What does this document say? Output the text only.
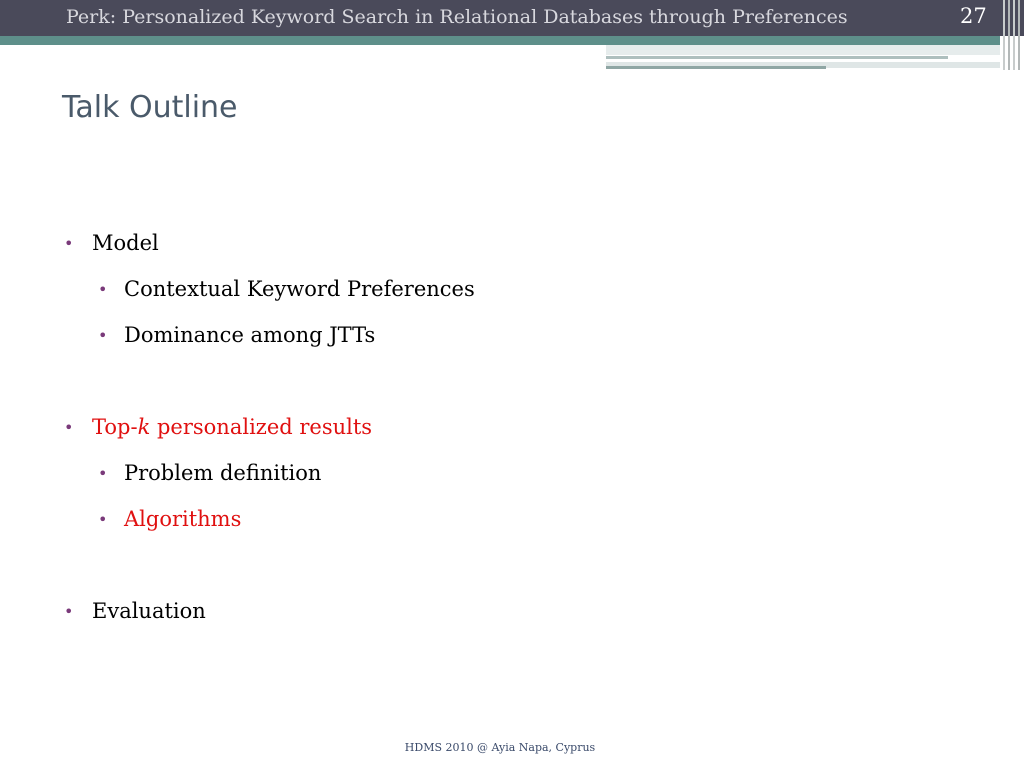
Perk: Personalized Keyword Search in Relational Databases through Preferences	27
Talk Outline
• Model
• Contextual Keyword Preferences
• Dominance among JTTs
• Top-k personalized results
• Problem definition
• Algorithms
• Evaluation
HDMS 2010 @ Ayia Napa, Cyprus
